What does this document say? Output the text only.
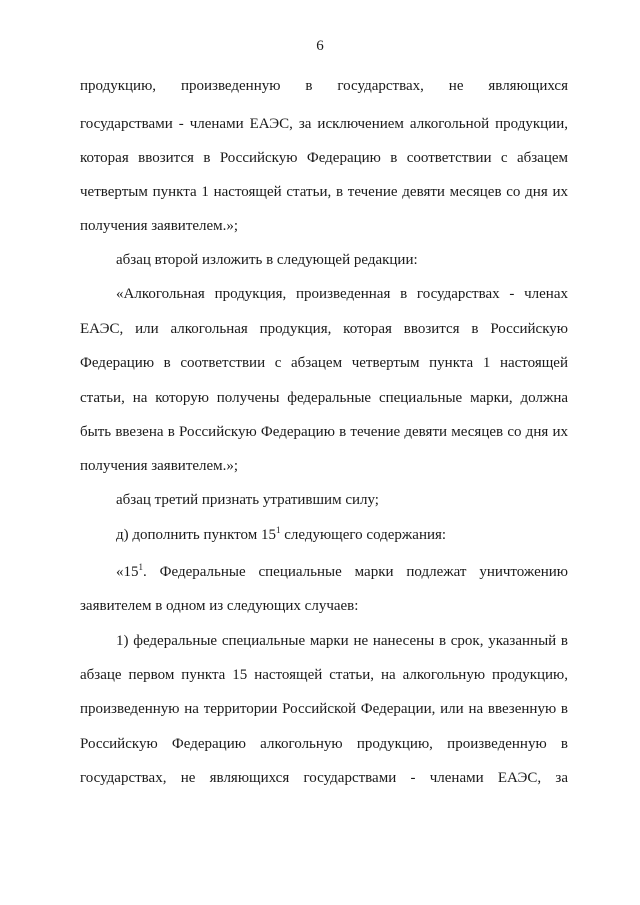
6
продукцию, произведенную в государствах, не являющихся
государствами - членами ЕАЭС, за исключением алкогольной продукции,
которая ввозится в Российскую Федерацию в соответствии с абзацем
четвертым пункта 1 настоящей статьи, в течение девяти месяцев со дня их
получения заявителем.»;
абзац второй изложить в следующей редакции:
«Алкогольная продукция, произведенная в государствах - членах
ЕАЭС, или алкогольная продукция, которая ввозится в Российскую
Федерацию в соответствии с абзацем четвертым пункта 1 настоящей
статьи, на которую получены федеральные специальные марки, должна
быть ввезена в Российскую Федерацию в течение девяти месяцев со дня их
получения заявителем.»;
абзац третий признать утратившим силу;
д) дополнить пунктом $15^1$ следующего содержания:
«$15^1$. Федеральные специальные марки подлежат уничтожению
заявителем в одном из следующих случаев:
1) федеральные специальные марки не нанесены в срок, указанный в
абзаце первом пункта 15 настоящей статьи, на алкогольную продукцию,
произведенную на территории Российской Федерации, или на ввезенную в
Российскую Федерацию алкогольную продукцию, произведенную в
государствах, не являющихся государствами - членами ЕАЭС, за
